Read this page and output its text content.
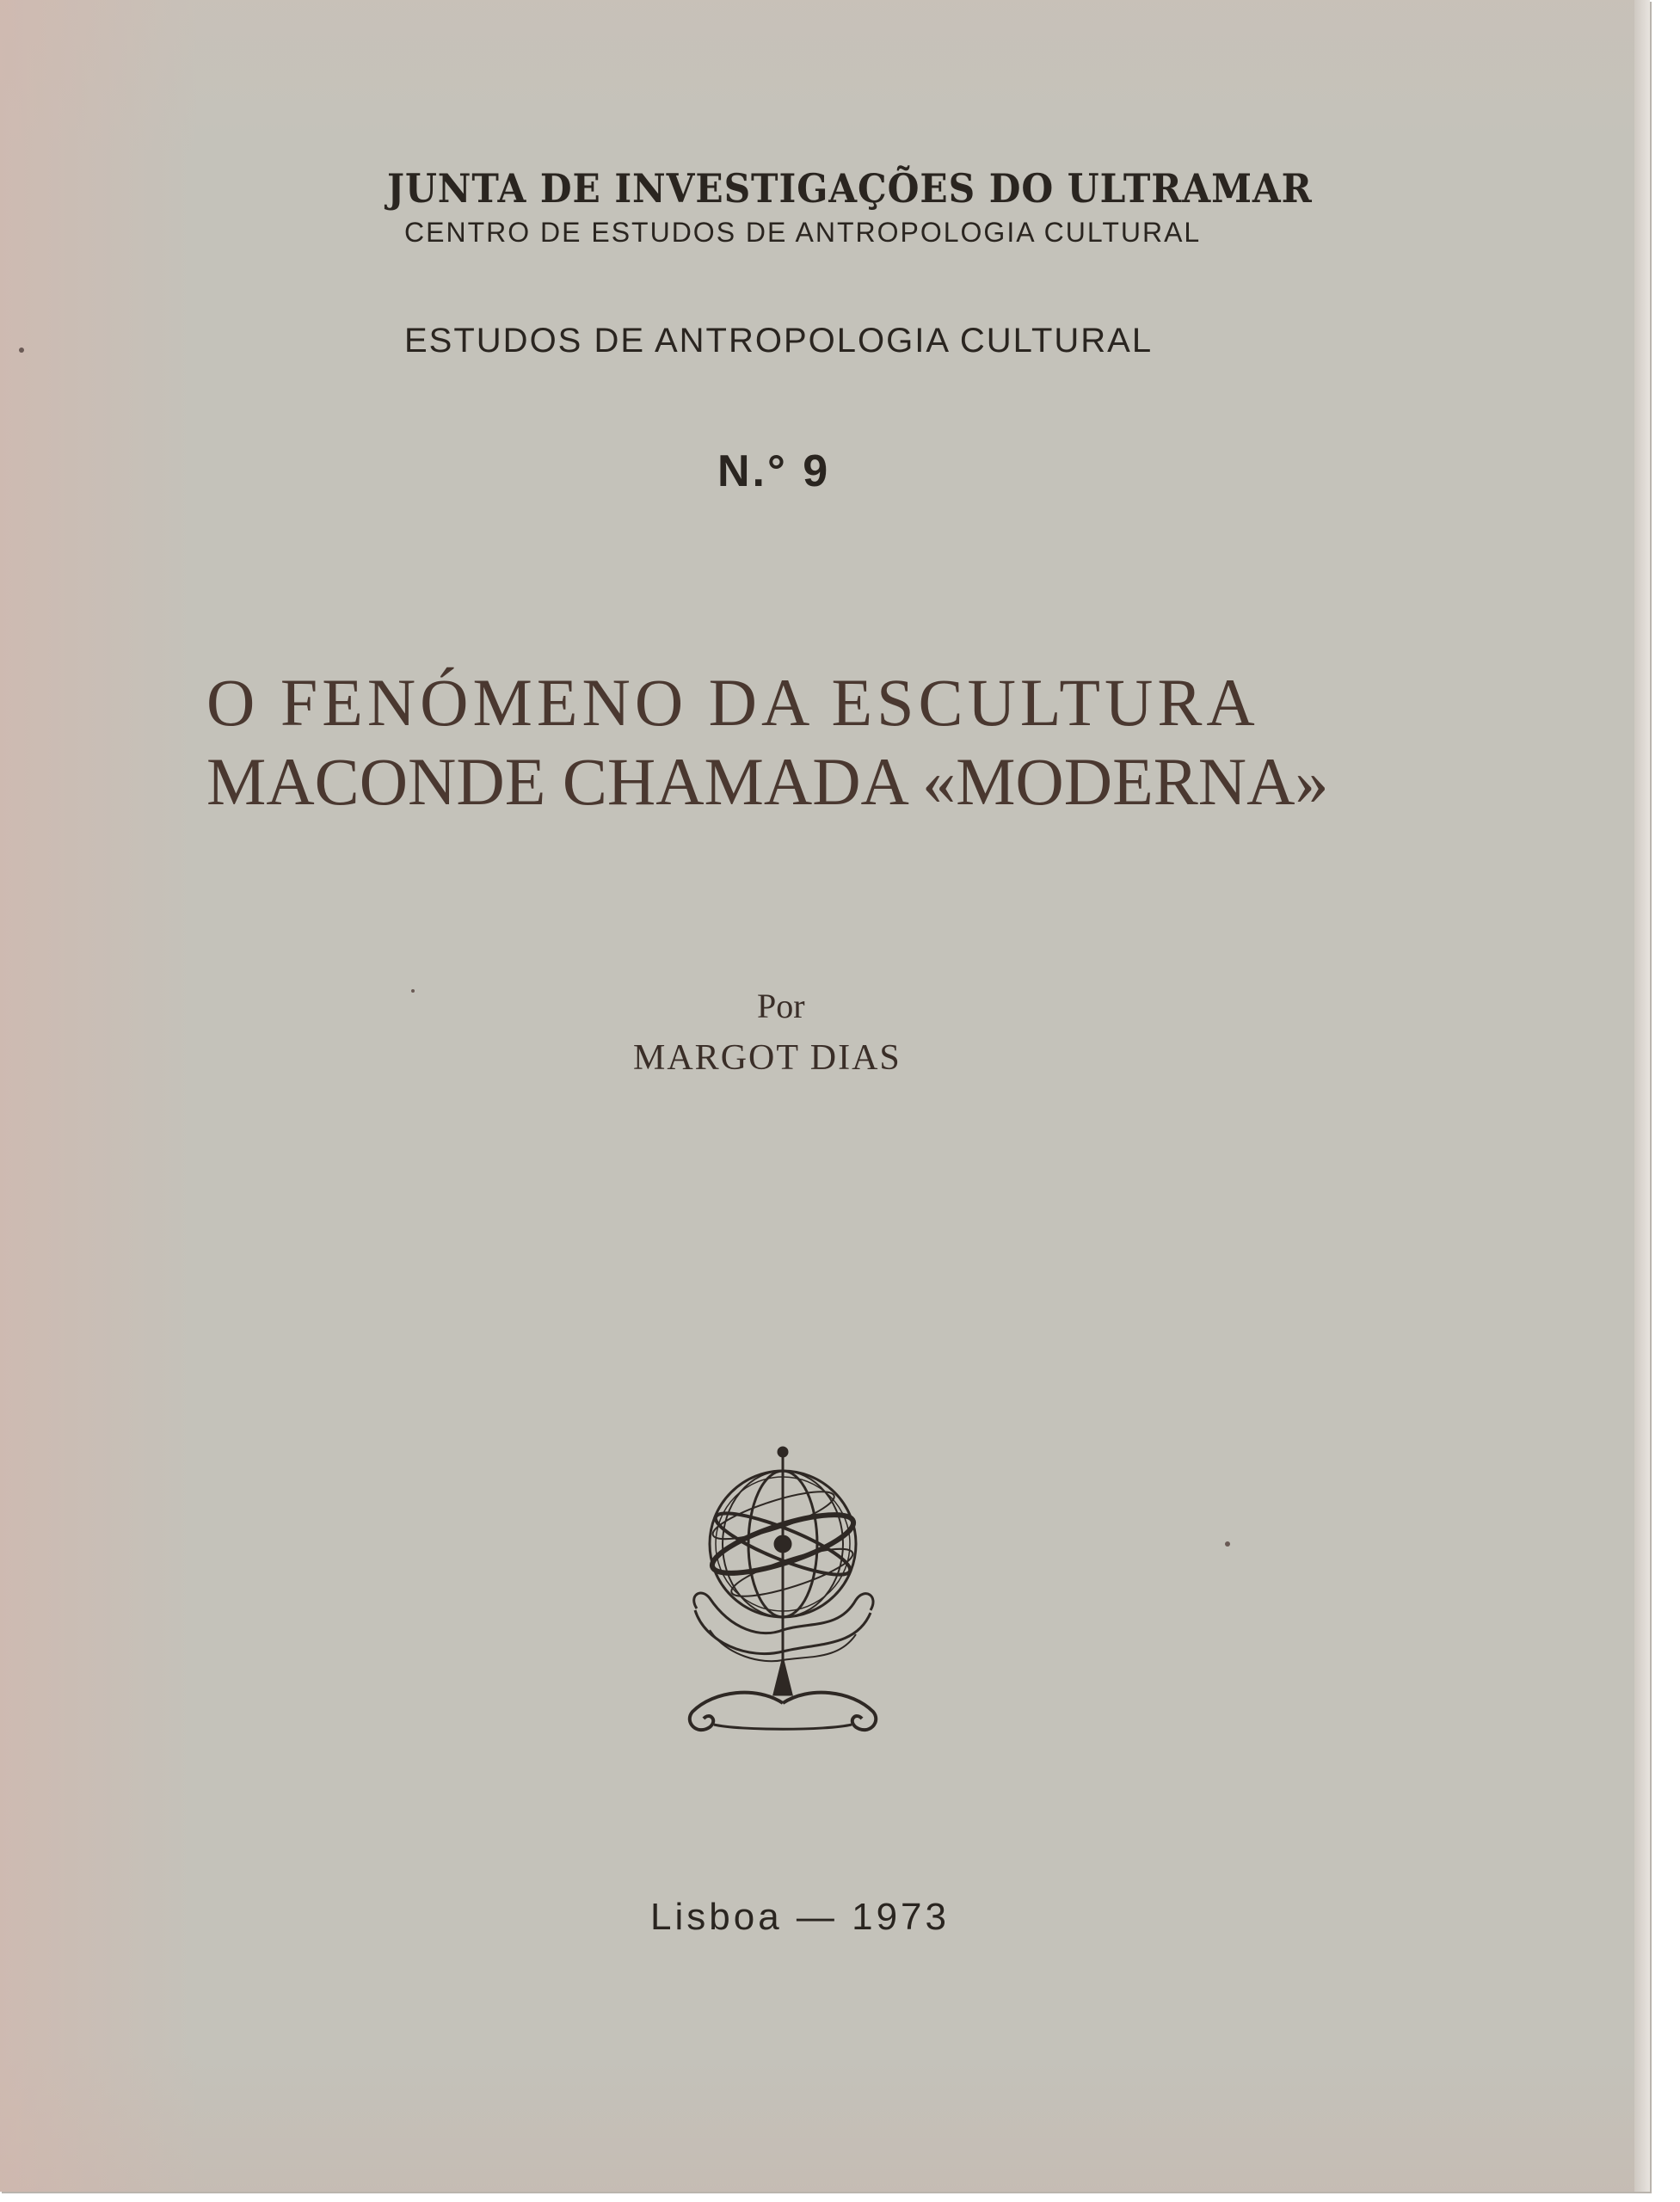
JUNTA DE INVESTIGAÇÕES DO ULTRAMAR
CENTRO DE ESTUDOS DE ANTROPOLOGIA CULTURAL
ESTUDOS DE ANTROPOLOGIA CULTURAL
N.° 9
O FENÓMENO DA ESCULTURA
MACONDE CHAMADA «MODERNA»
Por
MARGOT DIAS
Lisboa — 1973
